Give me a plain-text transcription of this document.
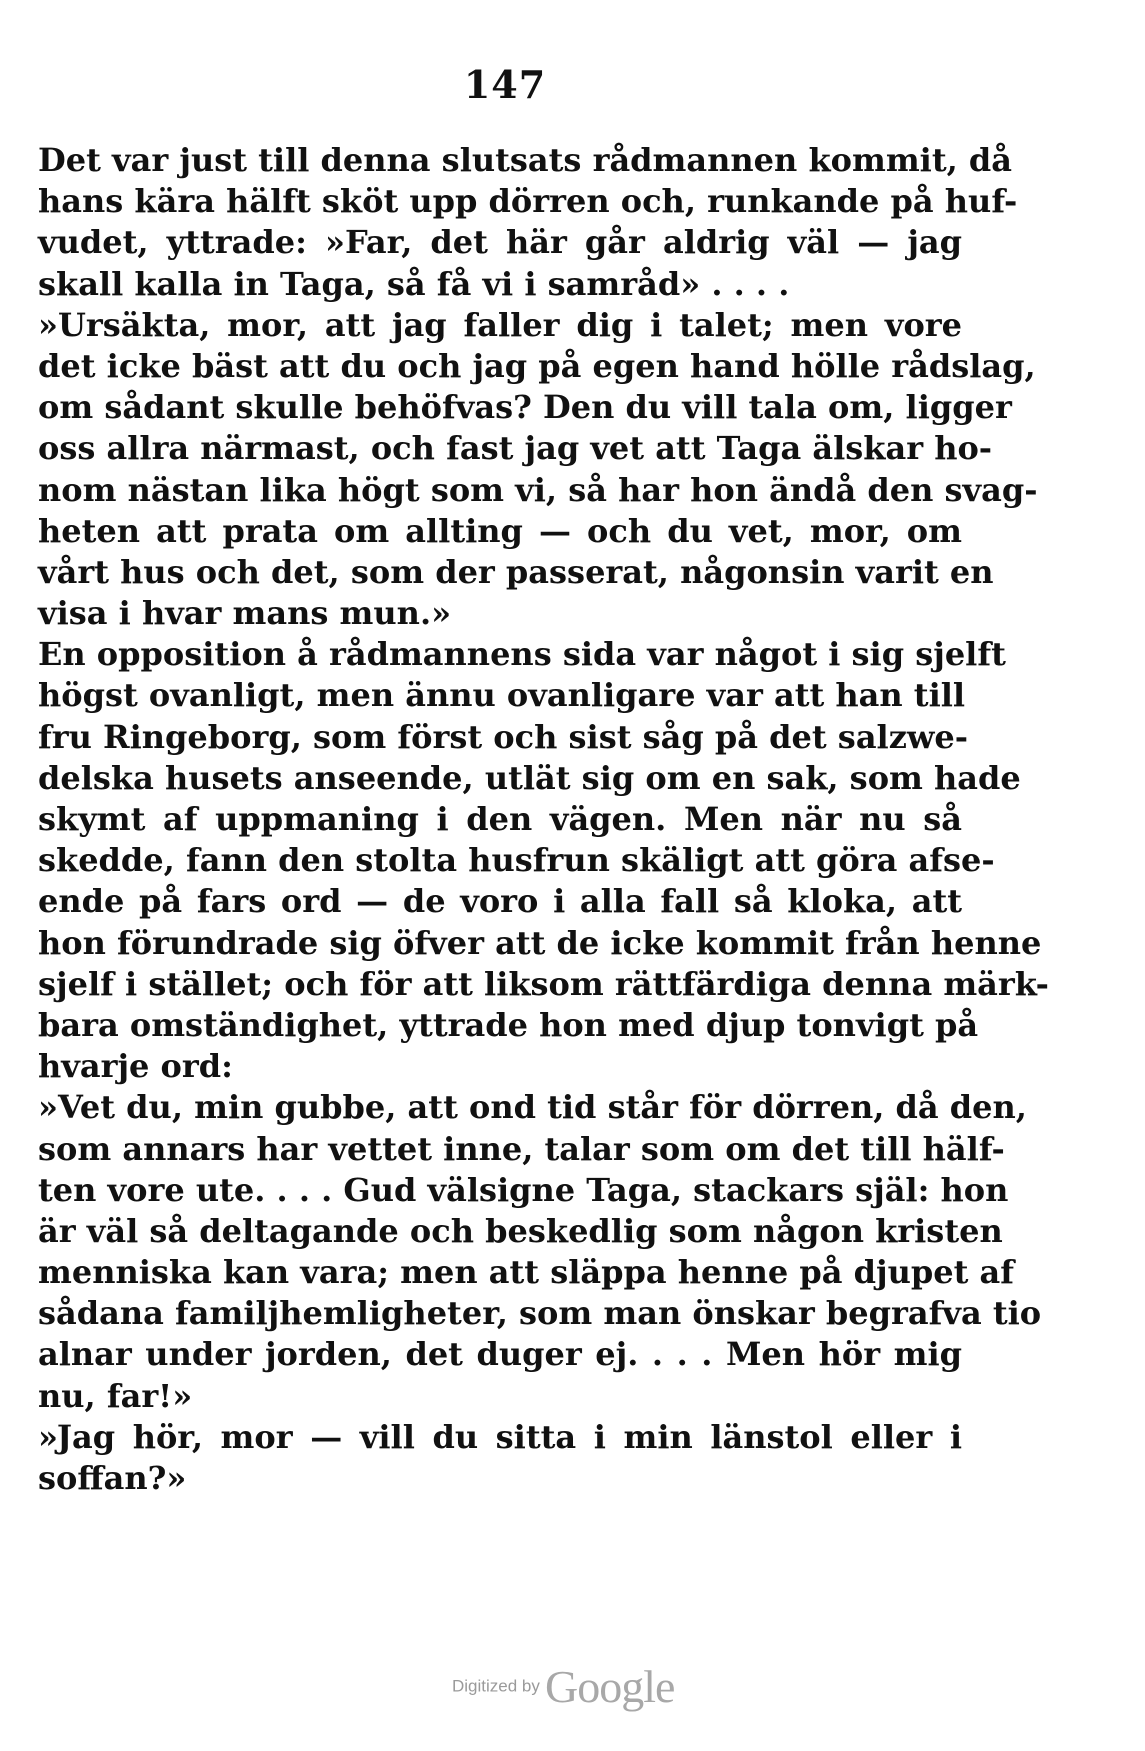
147
Det var just till denna slutsats rådmannen kommit, då
hans kära hälft sköt upp dörren och, runkande på huf-
vudet, yttrade: »Far, det här går aldrig väl — jag
skall kalla in Taga, så få vi i samråd» . . . .
»Ursäkta, mor, att jag faller dig i talet; men vore
det icke bäst att du och jag på egen hand hölle rådslag,
om sådant skulle behöfvas? Den du vill tala om, ligger
oss allra närmast, och fast jag vet att Taga älskar ho-
nom nästan lika högt som vi, så har hon ändå den svag-
heten att prata om allting — och du vet, mor, om
vårt hus och det, som der passerat, någonsin varit en
visa i hvar mans mun.»
En opposition å rådmannens sida var något i sig sjelft
högst ovanligt, men ännu ovanligare var att han till
fru Ringeborg, som först och sist såg på det salzwe-
delska husets anseende, utlät sig om en sak, som hade
skymt af uppmaning i den vägen. Men när nu så
skedde, fann den stolta husfrun skäligt att göra afse-
ende på fars ord — de voro i alla fall så kloka, att
hon förundrade sig öfver att de icke kommit från henne
sjelf i stället; och för att liksom rättfärdiga denna märk-
bara omständighet, yttrade hon med djup tonvigt på
hvarje ord:
»Vet du, min gubbe, att ond tid står för dörren, då den,
som annars har vettet inne, talar som om det till hälf-
ten vore ute. . . . Gud välsigne Taga, stackars själ: hon
är väl så deltagande och beskedlig som någon kristen
menniska kan vara; men att släppa henne på djupet af
sådana familjhemligheter, som man önskar begrafva tio
alnar under jorden, det duger ej. . . . Men hör mig
nu, far!»
»Jag hör, mor — vill du sitta i min länstol eller i
soffan?»
Digitized by Google
